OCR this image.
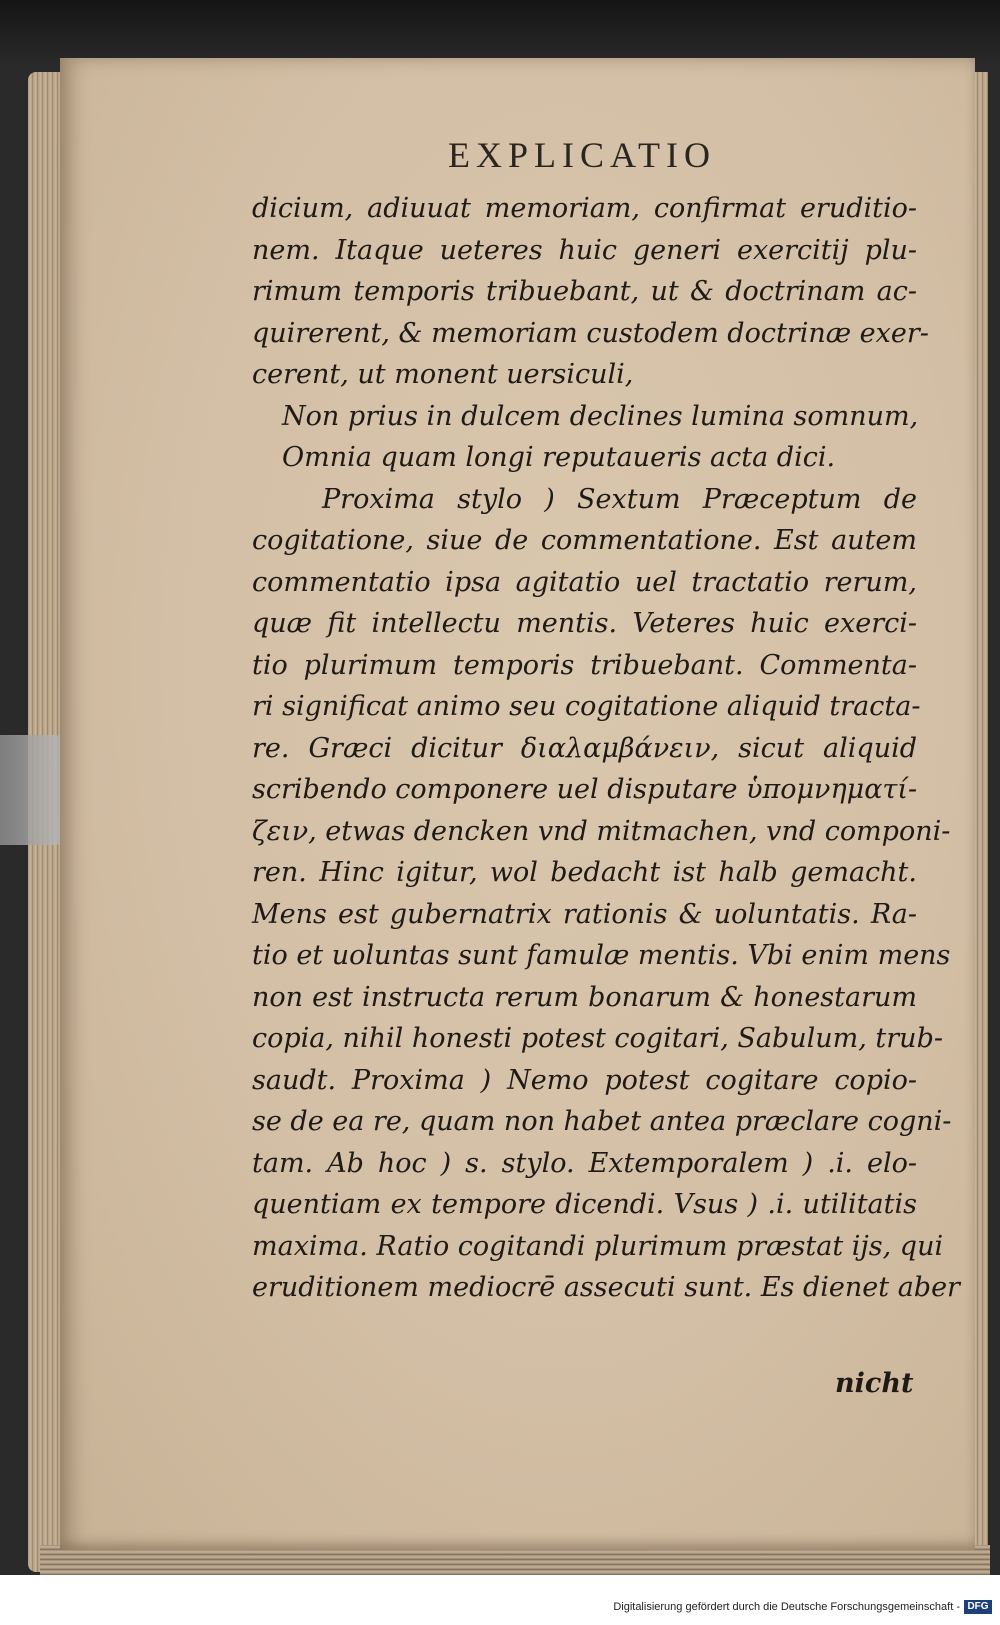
EXPLICATIO
dicium, adiuuat memoriam, confirmat eruditio-
nem. Itaque ueteres huic generi exercitij plu-
rimum temporis tribuebant, ut & doctrinam ac-
quirerent, & memoriam custodem doctrinæ exer-
cerent, ut monent uersiculi,
Non prius in dulcem declines lumina somnum,
Omnia quam longi reputaueris acta dici.
Proxima stylo ) Sextum Præceptum de
cogitatione, siue de commentatione. Est autem
commentatio ipsa agitatio uel tractatio rerum,
quæ fit intellectu mentis. Veteres huic exerci-
tio plurimum temporis tribuebant. Commenta-
ri significat animo seu cogitatione aliquid tracta-
re. Græci dicitur διαλαμβάνειν, sicut aliquid
scribendo componere uel disputare ὑπομνηματί-
ζειν, etwas dencken vnd mitmachen, vnd componi-
ren. Hinc igitur, wol bedacht ist halb gemacht.
Mens est gubernatrix rationis & uoluntatis. Ra-
tio et uoluntas sunt famulæ mentis. Vbi enim mens
non est instructa rerum bonarum & honestarum
copia, nihil honesti potest cogitari, Sabulum, trub-
saudt. Proxima ) Nemo potest cogitare copio-
se de ea re, quam non habet antea præclare cogni-
tam. Ab hoc ) s. stylo. Extemporalem ) .i. elo-
quentiam ex tempore dicendi. Vsus ) .i. utilitatis
maxima. Ratio cogitandi plurimum præstat ijs, qui
eruditionem mediocrē assecuti sunt. Es dienet aber
nicht
Digitalisierung gefördert durch die Deutsche Forschungsgemeinschaft - DFG
